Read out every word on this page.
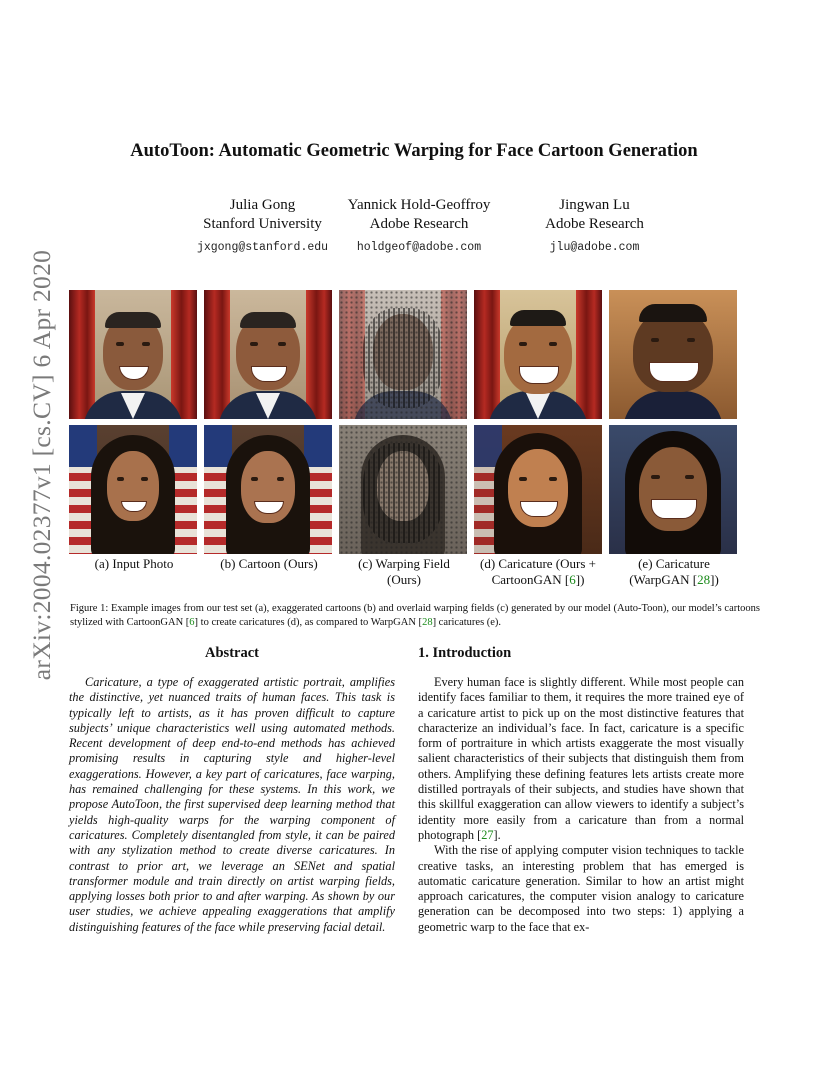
arXiv:2004.02377v1 [cs.CV] 6 Apr 2020
AutoToon: Automatic Geometric Warping for Face Cartoon Generation
Julia Gong
Stanford University
jxgong@stanford.edu
Yannick Hold-Geoffroy
Adobe Research
holdgeof@adobe.com
Jingwan Lu
Adobe Research
jlu@adobe.com
(a) Input Photo	(b) Cartoon (Ours)	(c) Warping Field
(Ours)
(d) Caricature (Ours +
CartoonGAN [6])
(e) Caricature
(WarpGAN [28])
Figure 1: Example images from our test set (a), exaggerated cartoons (b) and overlaid warping fields (c) generated by our model (Auto-Toon), our model’s cartoons stylized with CartoonGAN [6] to create caricatures (d), as compared to WarpGAN [28] caricatures (e).
Abstract
Caricature, a type of exaggerated artistic portrait, amplifies the distinctive, yet nuanced traits of human faces. This task is typically left to artists, as it has proven difficult to capture subjects’ unique characteristics well using automated methods. Recent development of deep end-to-end methods has achieved promising results in capturing style and higher-level exaggerations. However, a key part of caricatures, face warping, has remained challenging for these systems. In this work, we propose AutoToon, the first supervised deep learning method that yields high-quality warps for the warping component of caricatures. Completely disentangled from style, it can be paired with any stylization method to create diverse caricatures. In contrast to prior art, we leverage an SENet and spatial transformer module and train directly on artist warping fields, applying losses both prior to and after warping. As shown by our user studies, we achieve appealing exaggerations that amplify distinguishing features of the face while preserving facial detail.
1. Introduction

Every human face is slightly different. While most people can identify faces familiar to them, it requires the more trained eye of a caricature artist to pick up on the most distinctive features that characterize an individual’s face. In fact, caricature is a specific form of portraiture in which artists exaggerate the most visually salient characteristics of their subjects that distinguish them from others. Amplifying these defining features lets artists create more distilled portrayals of their subjects, and studies have shown that this skillful exaggeration can allow viewers to identify a subject’s identity more easily from a caricature than from a normal photograph [27].

With the rise of applying computer vision techniques to tackle creative tasks, an interesting problem that has emerged is automatic caricature generation. Similar to how an artist might approach caricatures, the computer vision analogy to caricature generation can be decomposed into two steps: 1) applying a geometric warp to the face that ex-
